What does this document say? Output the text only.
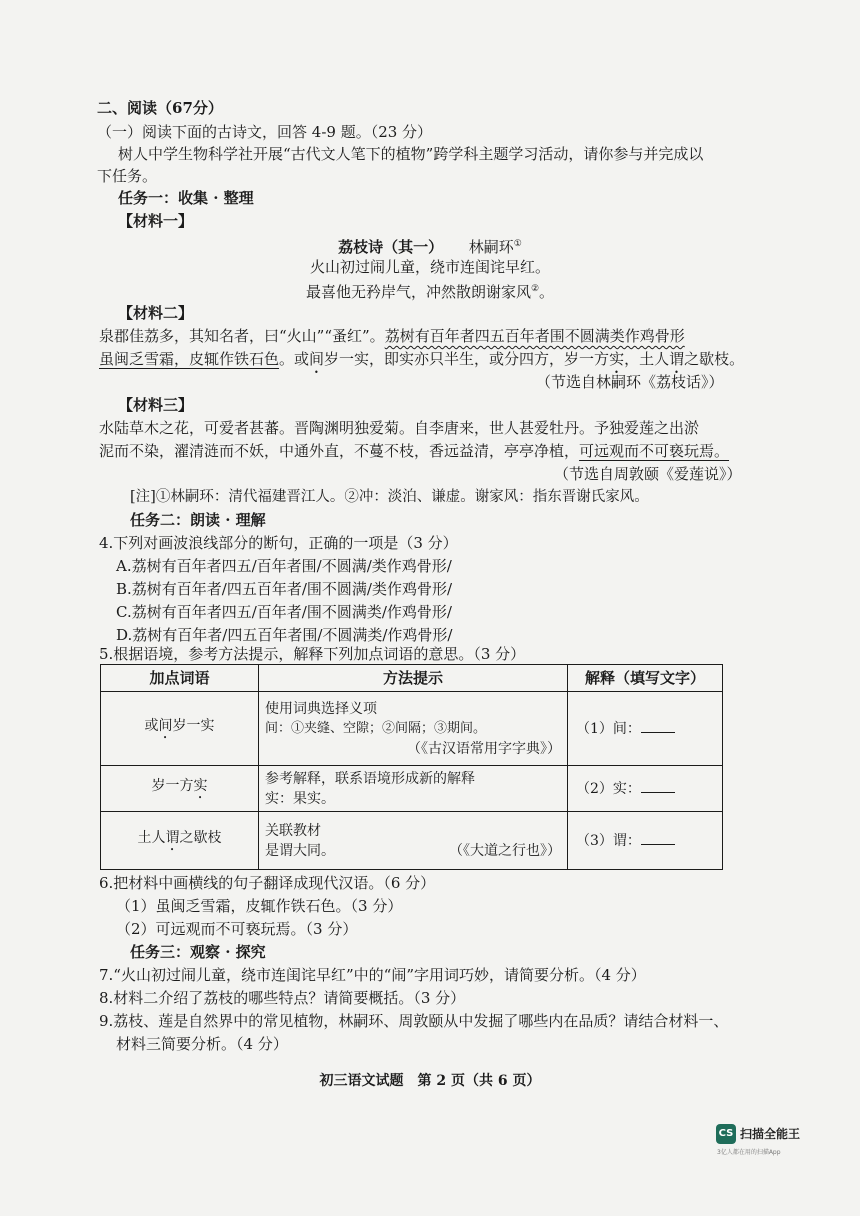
二、阅读（67分）
（一）阅读下面的古诗文，回答 4-9 题。（23 分）
树人中学生物科学社开展“古代文人笔下的植物”跨学科主题学习活动，请你参与并完成以
下任务。
任务一：收集 · 整理
【材料一】
荔枝诗（其一） 林嗣环①
火山初过闹儿童，绕市连闺诧早红。
最喜他无矜岸气，冲然散朗谢家风②。
【材料二】
泉郡佳荔多，其知名者，曰“火山”“蚤红”。荔树有百年者四五百年者围不圆满类作鸡骨形
虽闽乏雪霜，皮辄作铁石色。或间岁一实，即实亦只半生，或分四方，岁一方实，土人谓之歇枝。
（节选自林嗣环《荔枝话》）
【材料三】
水陆草木之花，可爱者甚蕃。晋陶渊明独爱菊。自李唐来，世人甚爱牡丹。予独爱莲之出淤
泥而不染，濯清涟而不妖，中通外直，不蔓不枝，香远益清，亭亭净植，可远观而不可亵玩焉。
（节选自周敦颐《爱莲说》）
[注]①林嗣环：清代福建晋江人。②冲：淡泊、谦虚。谢家风：指东晋谢氏家风。
任务二：朗读 · 理解
4.下列对画波浪线部分的断句，正确的一项是（3 分）
A.荔树有百年者四五/百年者围/不圆满/类作鸡骨形/
B.荔树有百年者/四五百年者/围不圆满/类作鸡骨形/
C.荔树有百年者四五/百年者/围不圆满类/作鸡骨形/
D.荔树有百年者/四五百年者围/不圆满类/作鸡骨形/
5.根据语境，参考方法提示，解释下列加点词语的意思。（3 分）
加点词语	方法提示	解释（填写文字）
或间岁一实	使用词典选择义项
间：①夹缝、空隙；②间隔；③期间。
（《古汉语常用字字典》）	（1）间：
岁一方实	参考解释，联系语境形成新的解释
实：果实。	（2）实：
土人谓之歇枝	关联教材
是谓大同。 （《大道之行也》）	（3）谓：
6.把材料中画横线的句子翻译成现代汉语。（6 分）
（1）虽闽乏雪霜，皮辄作铁石色。（3 分）
（2）可远观而不可亵玩焉。（3 分）
任务三：观察 · 探究
7.“火山初过闹儿童，绕市连闺诧早红”中的“闹”字用词巧妙，请简要分析。（4 分）
8.材料二介绍了荔枝的哪些特点？请简要概括。（3 分）
9.荔枝、莲是自然界中的常见植物，林嗣环、周敦颐从中发掘了哪些内在品质？请结合材料一、
材料三简要分析。（4 分）
初三语文试题　第 2 页（共 6 页）
CS 扫描全能王
3亿人都在用的扫描App
